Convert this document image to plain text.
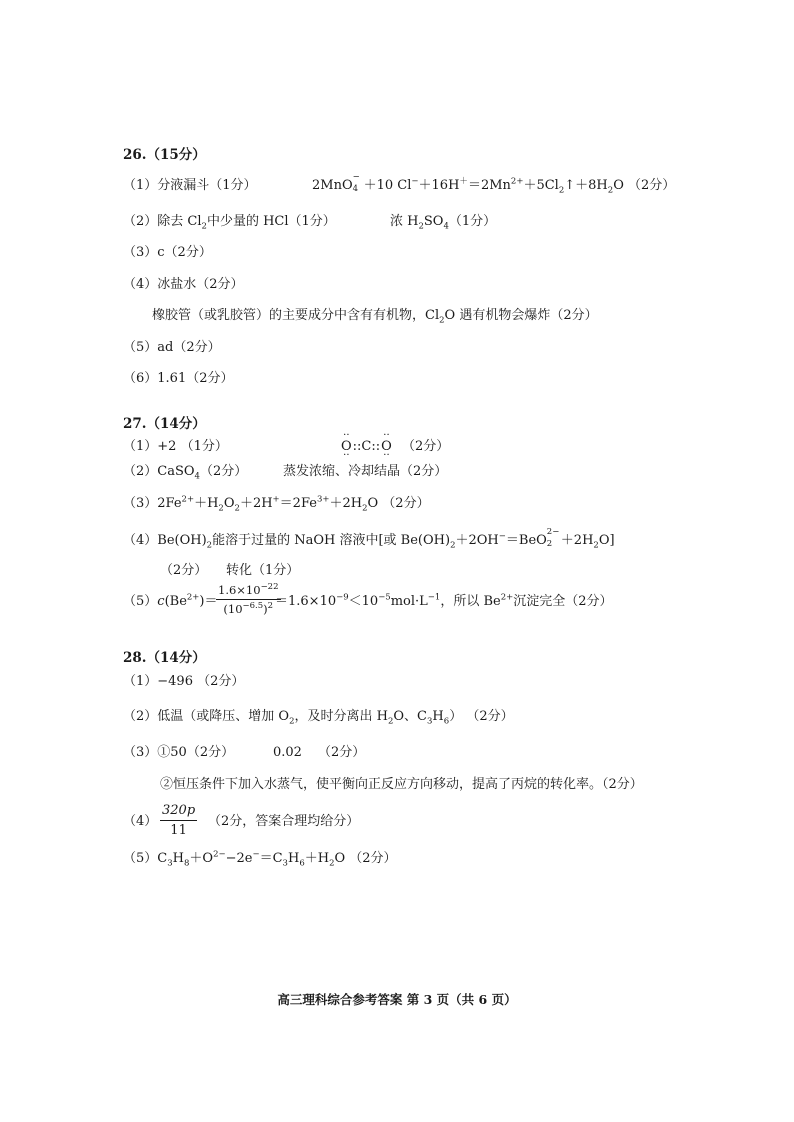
26.（15分）
（1）分液漏斗（1分）	2MnO
−
4 ＋10 $Cl^-+16H^+=2Mn^{2+}+5Cl_2↑+8H_2O$ （2分）
（2）除去 $Cl_2$中少量的 HCl（1分）	浓 $H_2SO_4(1$分）
（3）c（2分）
（4）冰盐水（2分）
橡胶管（或乳胶管）的主要成分中含有有机物，$Cl_2O$ 遇有机物会爆炸（2分）
（5）ad（2分）
（6）1.61（2分）
27.（14分）
（1）+2 （1分）
··	O ··::C::·· O ·· （2分）
（2）CaSO$_4$（2分）	蒸发浓缩、冷却结晶（2分）
$(3)2Fe^{2+}+H_2O_2+2H^+=2Fe^{3+}+2H_2O$ （2分）
$(4)Be(OH)_2$能溶于过量的 NaOH 溶液中[或 $Be(OH)_2+2OH^-=BeO$
2−
$2 +2H_2O$]
（2分） 转化（1分）
$(5)c(Be^{2+})=$
$\frac{1.6\times 10^{-22}}{(10^{-6.5})^2}$
$=1.6\times 10^{-9}<10^{-5}mol\cdot L^{-1}$，所以 $Be^{2+}$沉淀完全（2分）
28.（14分）
（1）−496 （2分）
（2）低温（或降压、增加 $O_2$，及时分离出 $H_2O$、$C_3H_6$） （2分）
（3）①50（2分）	0.02 （2分）
②恒压条件下加入水蒸气，使平衡向正反应方向移动，提高了丙烷的转化率。（2分）
$(4) \frac{320p}{11} (2$分，答案合理均给分）
$(5)C_3H_8+O^{2-}-2e^-=C_3H_6+H_2O$ （2分）
高三理科综合参考答案 第 3 页（共 6 页）
